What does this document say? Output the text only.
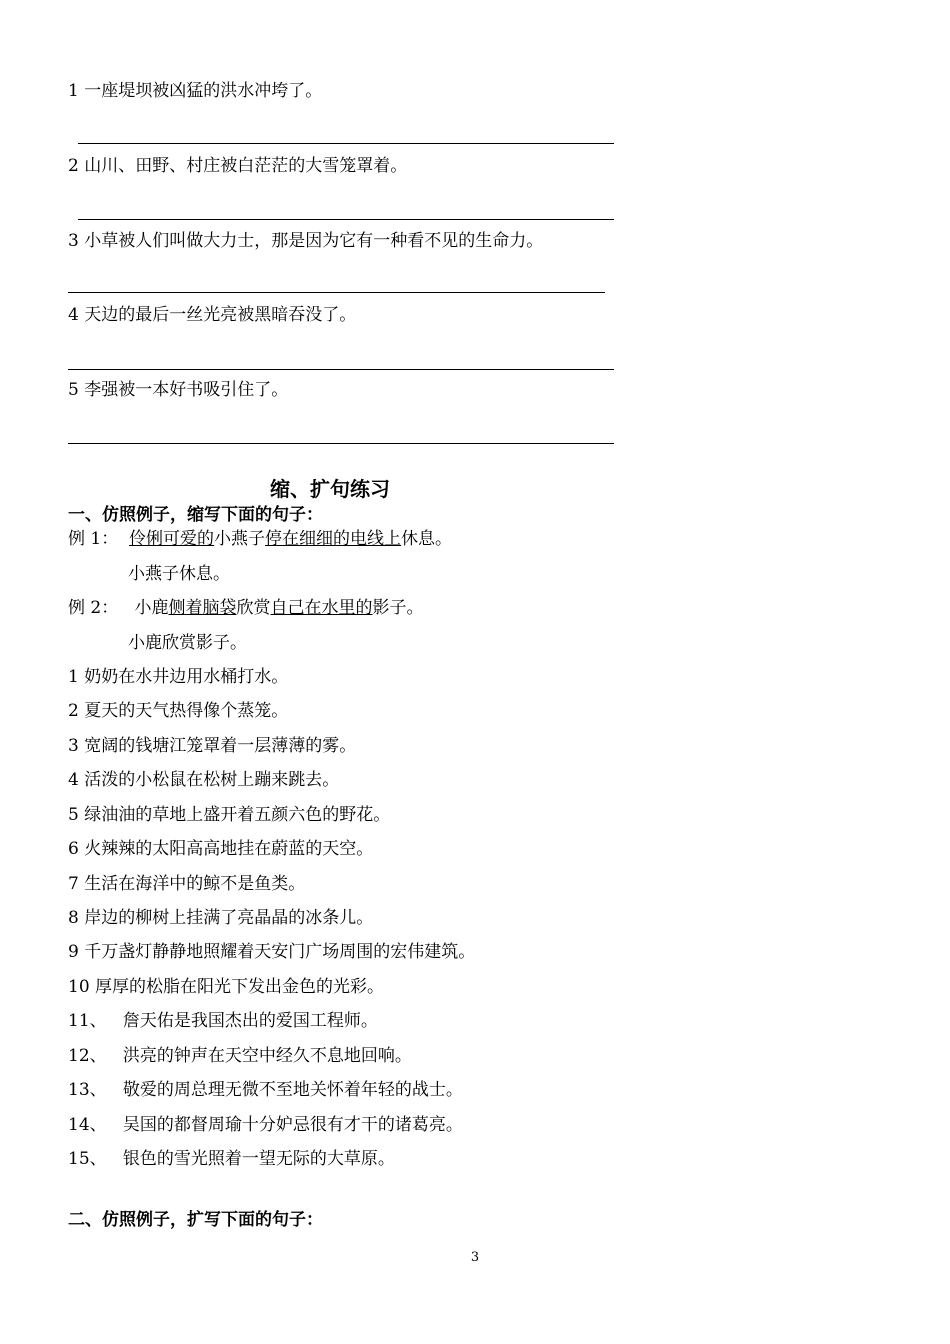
1 一座堤坝被凶猛的洪水冲垮了。
2 山川、田野、村庄被白茫茫的大雪笼罩着。
3 小草被人们叫做大力士，那是因为它有一种看不见的生命力。
4 天边的最后一丝光亮被黑暗吞没了。
5 李强被一本好书吸引住了。
缩、扩句练习
一、仿照例子，缩写下面的句子：
例 1： 伶俐可爱的小燕子停在细细的电线上休息。
小燕子休息。
例 2： 小鹿侧着脑袋欣赏自己在水里的影子。
小鹿欣赏影子。
1 奶奶在水井边用水桶打水。
2 夏天的天气热得像个蒸笼。
3 宽阔的钱塘江笼罩着一层薄薄的雾。
4 活泼的小松鼠在松树上蹦来跳去。
5 绿油油的草地上盛开着五颜六色的野花。
6 火辣辣的太阳高高地挂在蔚蓝的天空。
7 生活在海洋中的鲸不是鱼类。
8 岸边的柳树上挂满了亮晶晶的冰条儿。
9 千万盏灯静静地照耀着天安门广场周围的宏伟建筑。
10 厚厚的松脂在阳光下发出金色的光彩。
11、   詹天佑是我国杰出的爱国工程师。
12、   洪亮的钟声在天空中经久不息地回响。
13、   敬爱的周总理无微不至地关怀着年轻的战士。
14、   吴国的都督周瑜十分妒忌很有才干的诸葛亮。
15、   银色的雪光照着一望无际的大草原。
二、仿照例子，扩写下面的句子：
3
